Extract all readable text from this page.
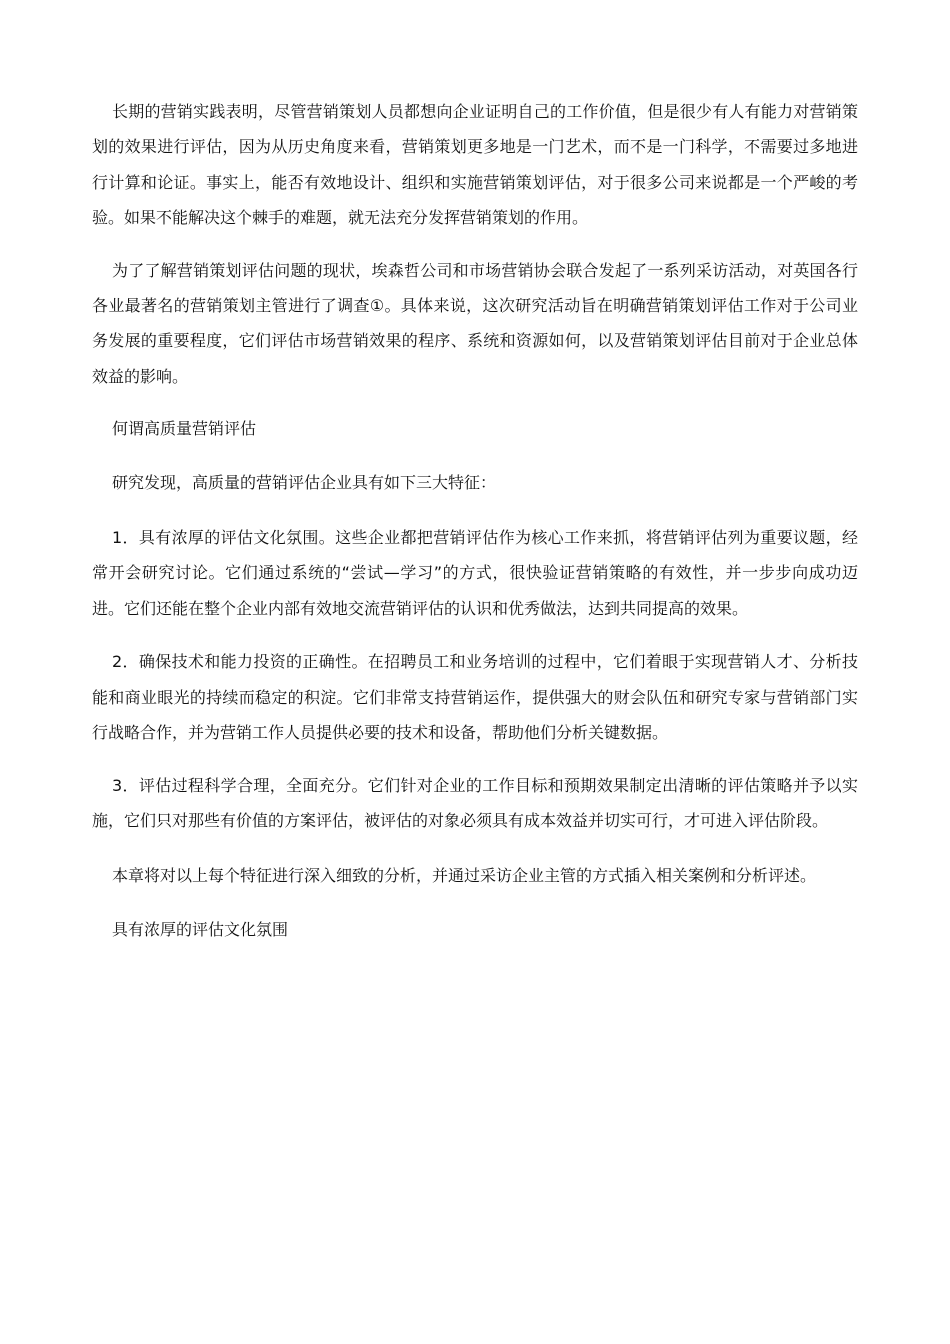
长期的营销实践表明，尽管营销策划人员都想向企业证明自己的工作价值，但是很少有人有能力对营销策划的效果进行评估，因为从历史角度来看，营销策划更多地是一门艺术，而不是一门科学，不需要过多地进行计算和论证。事实上，能否有效地设计、组织和实施营销策划评估，对于很多公司来说都是一个严峻的考验。如果不能解决这个棘手的难题，就无法充分发挥营销策划的作用。

为了了解营销策划评估问题的现状，埃森哲公司和市场营销协会联合发起了一系列采访活动，对英国各行各业最著名的营销策划主管进行了调查①。具体来说，这次研究活动旨在明确营销策划评估工作对于公司业务发展的重要程度，它们评估市场营销效果的程序、系统和资源如何，以及营销策划评估目前对于企业总体效益的影响。

何谓高质量营销评估

研究发现，高质量的营销评估企业具有如下三大特征：

1．具有浓厚的评估文化氛围。这些企业都把营销评估作为核心工作来抓，将营销评估列为重要议题，经常开会研究讨论。它们通过系统的“尝试—学习”的方式，很快验证营销策略的有效性，并一步步向成功迈进。它们还能在整个企业内部有效地交流营销评估的认识和优秀做法，达到共同提高的效果。

2．确保技术和能力投资的正确性。在招聘员工和业务培训的过程中，它们着眼于实现营销人才、分析技能和商业眼光的持续而稳定的积淀。它们非常支持营销运作，提供强大的财会队伍和研究专家与营销部门实行战略合作，并为营销工作人员提供必要的技术和设备，帮助他们分析关键数据。

3．评估过程科学合理，全面充分。它们针对企业的工作目标和预期效果制定出清晰的评估策略并予以实施，它们只对那些有价值的方案评估，被评估的对象必须具有成本效益并切实可行，才可进入评估阶段。

本章将对以上每个特征进行深入细致的分析，并通过采访企业主管的方式插入相关案例和分析评述。

具有浓厚的评估文化氛围
